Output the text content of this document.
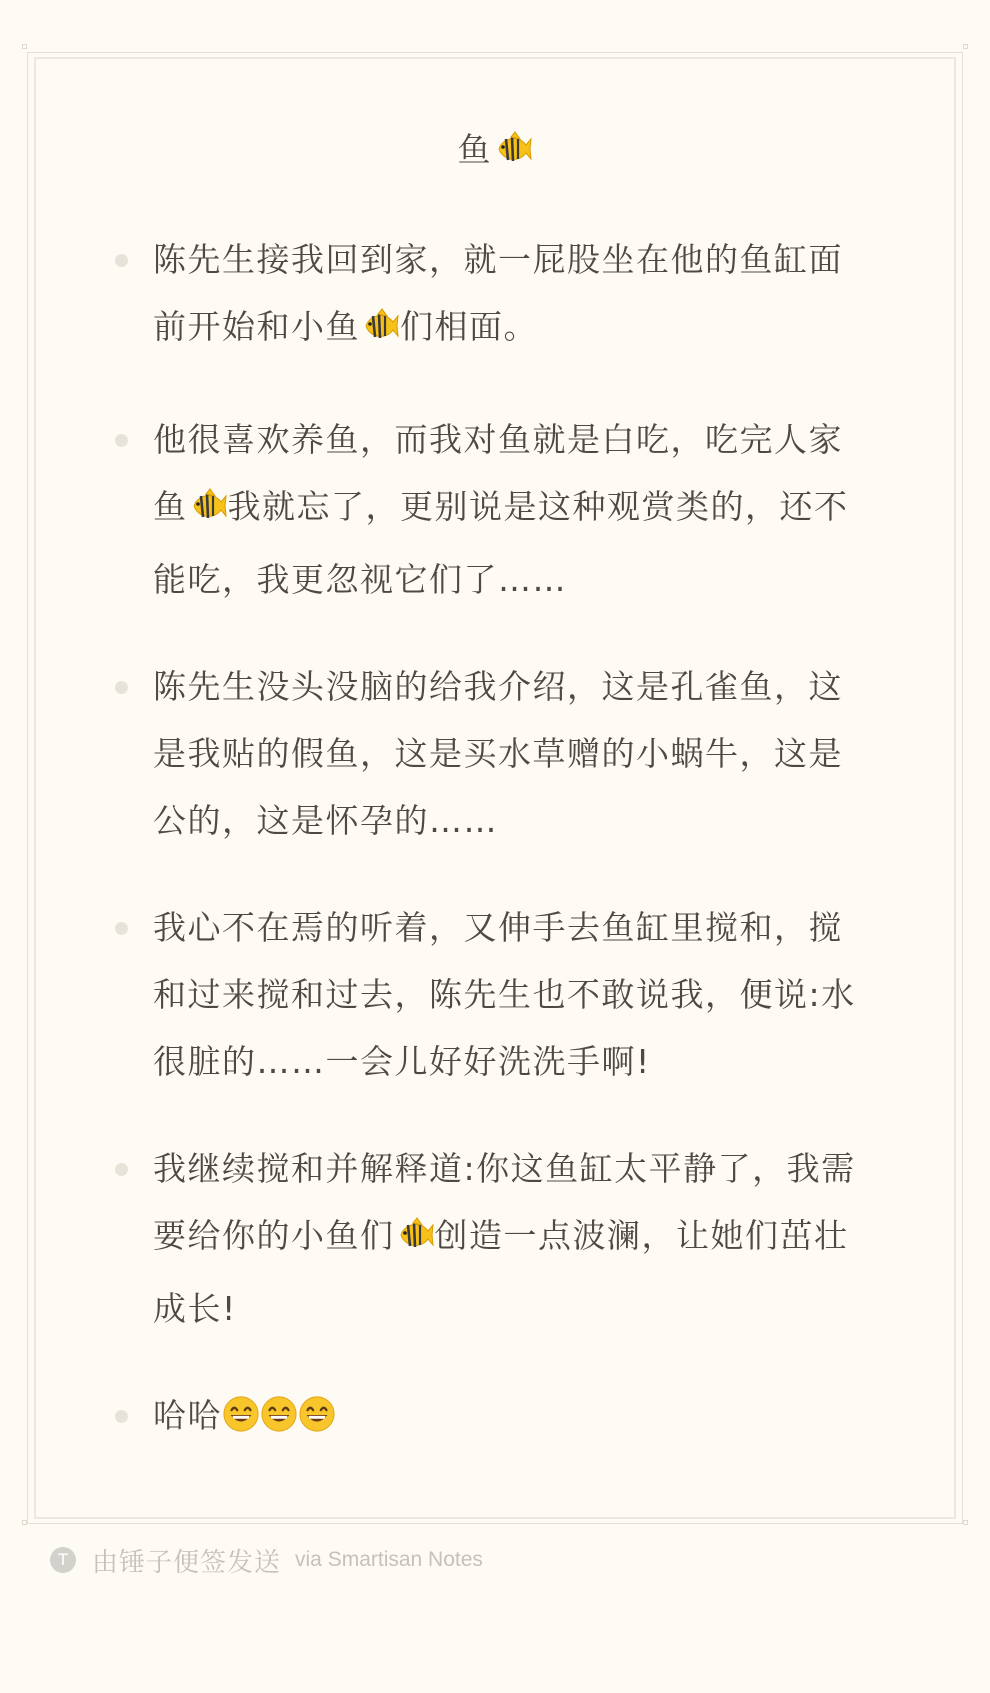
鱼
陈先生接我回到家，就一屁股坐在他的鱼缸面前开始和小鱼 们相面。
他很喜欢养鱼，而我对鱼就是白吃，吃完人家鱼 我就忘了，更别说是这种观赏类的，还不能吃，我更忽视它们了……
陈先生没头没脑的给我介绍，这是孔雀鱼，这是我贴的假鱼，这是买水草赠的小蜗牛，这是公的，这是怀孕的……
我心不在焉的听着，又伸手去鱼缸里搅和，搅和过来搅和过去，陈先生也不敢说我，便说:水很脏的……一会儿好好洗洗手啊!
我继续搅和并解释道:你这鱼缸太平静了，我需要给你的小鱼们 创造一点波澜，让她们茁壮成长!
哈哈
T 由锤子便签发送 via Smartisan Notes
